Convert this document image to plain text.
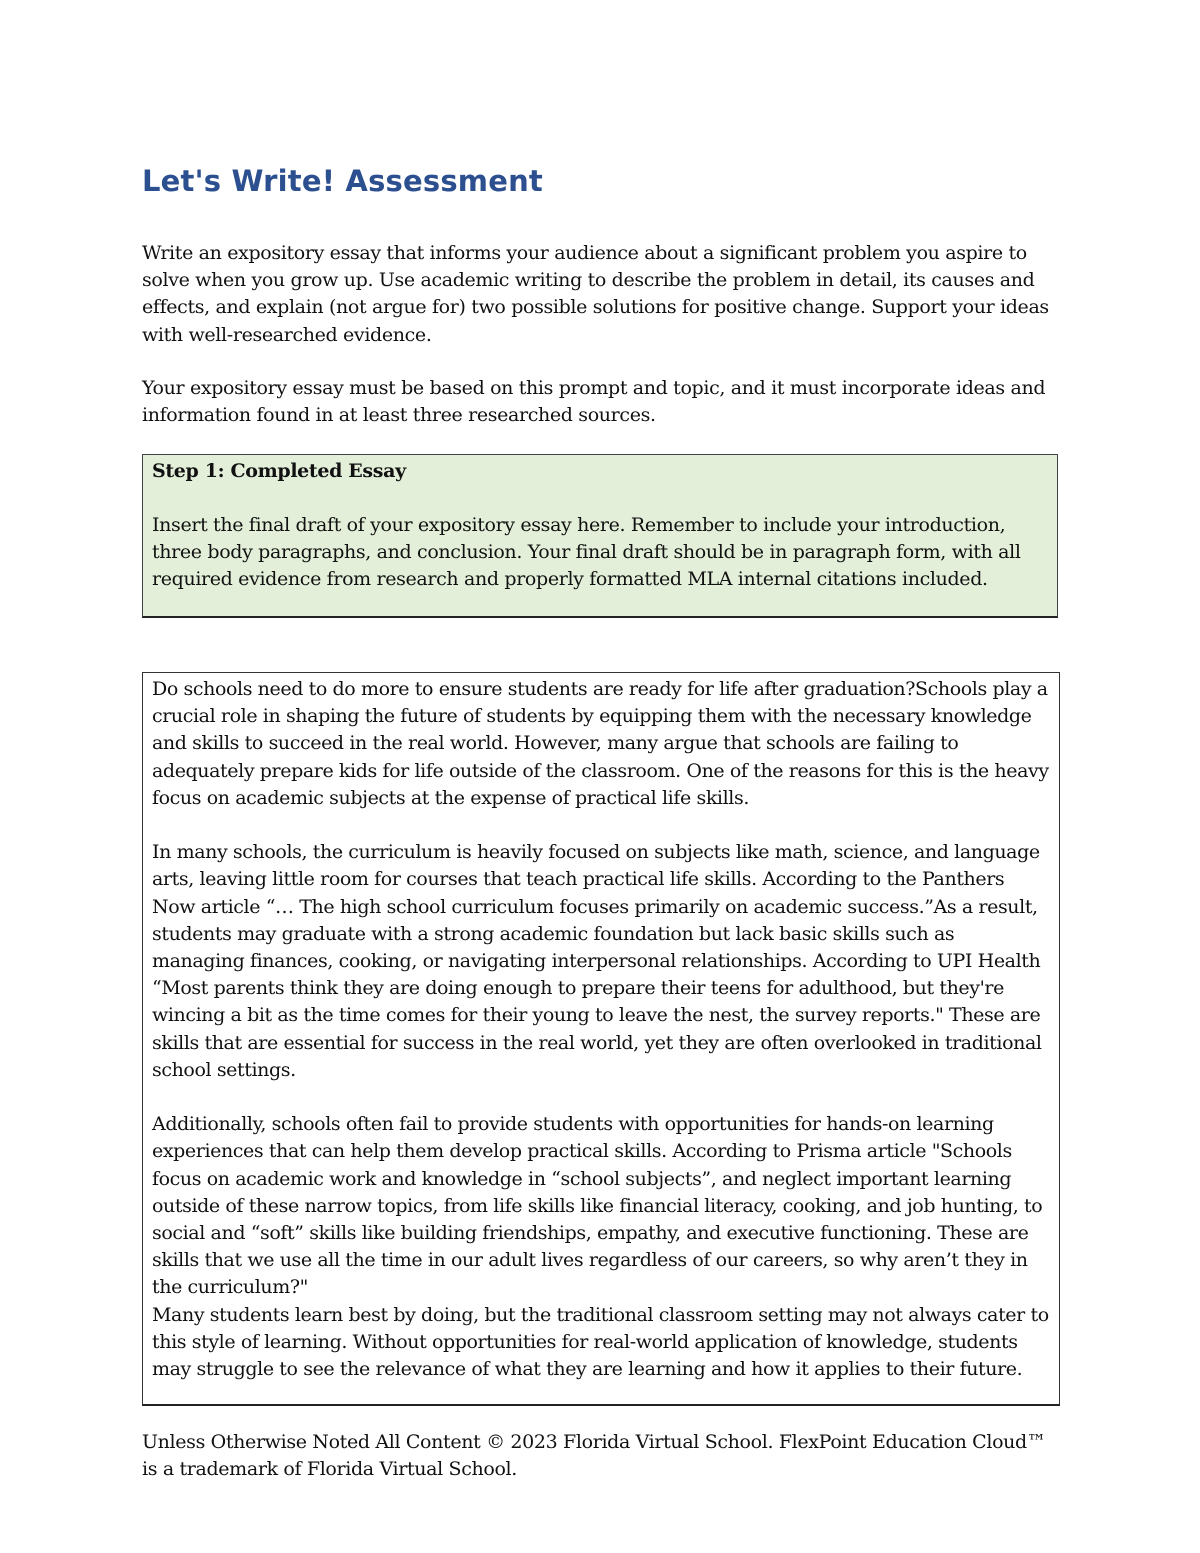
Let's Write! Assessment

Write an expository essay that informs your audience about a significant problem you aspire to solve when you grow up. Use academic writing to describe the problem in detail, its causes and effects, and explain (not argue for) two possible solutions for positive change. Support your ideas with well-researched evidence.

Your expository essay must be based on this prompt and topic, and it must incorporate ideas and information found in at least three researched sources.

Step 1: Completed Essay

Insert the final draft of your expository essay here. Remember to include your introduction, three body paragraphs, and conclusion. Your final draft should be in paragraph form, with all required evidence from research and properly formatted MLA internal citations included.

Do schools need to do more to ensure students are ready for life after graduation?Schools play a crucial role in shaping the future of students by equipping them with the necessary knowledge and skills to succeed in the real world. However, many argue that schools are failing to adequately prepare kids for life outside of the classroom. One of the reasons for this is the heavy focus on academic subjects at the expense of practical life skills.

In many schools, the curriculum is heavily focused on subjects like math, science, and language arts, leaving little room for courses that teach practical life skills. According to the Panthers Now article “… The high school curriculum focuses primarily on academic success.”As a result, students may graduate with a strong academic foundation but lack basic skills such as managing finances, cooking, or navigating interpersonal relationships. According to UPI Health “Most parents think they are doing enough to prepare their teens for adulthood, but they're wincing a bit as the time comes for their young to leave the nest, the survey reports." These are skills that are essential for success in the real world, yet they are often overlooked in traditional school settings.

Additionally, schools often fail to provide students with opportunities for hands-on learning experiences that can help them develop practical skills. According to Prisma article "Schools focus on academic work and knowledge in “school subjects”, and neglect important learning outside of these narrow topics, from life skills like financial literacy, cooking, and job hunting, to social and “soft” skills like building friendships, empathy, and executive functioning. These are skills that we use all the time in our adult lives regardless of our careers, so why aren’t they in the curriculum?"

Many students learn best by doing, but the traditional classroom setting may not always cater to this style of learning. Without opportunities for real-world application of knowledge, students may struggle to see the relevance of what they are learning and how it applies to their future.

Unless Otherwise Noted All Content © 2023 Florida Virtual School. FlexPoint Education Cloud™ is a trademark of Florida Virtual School.
